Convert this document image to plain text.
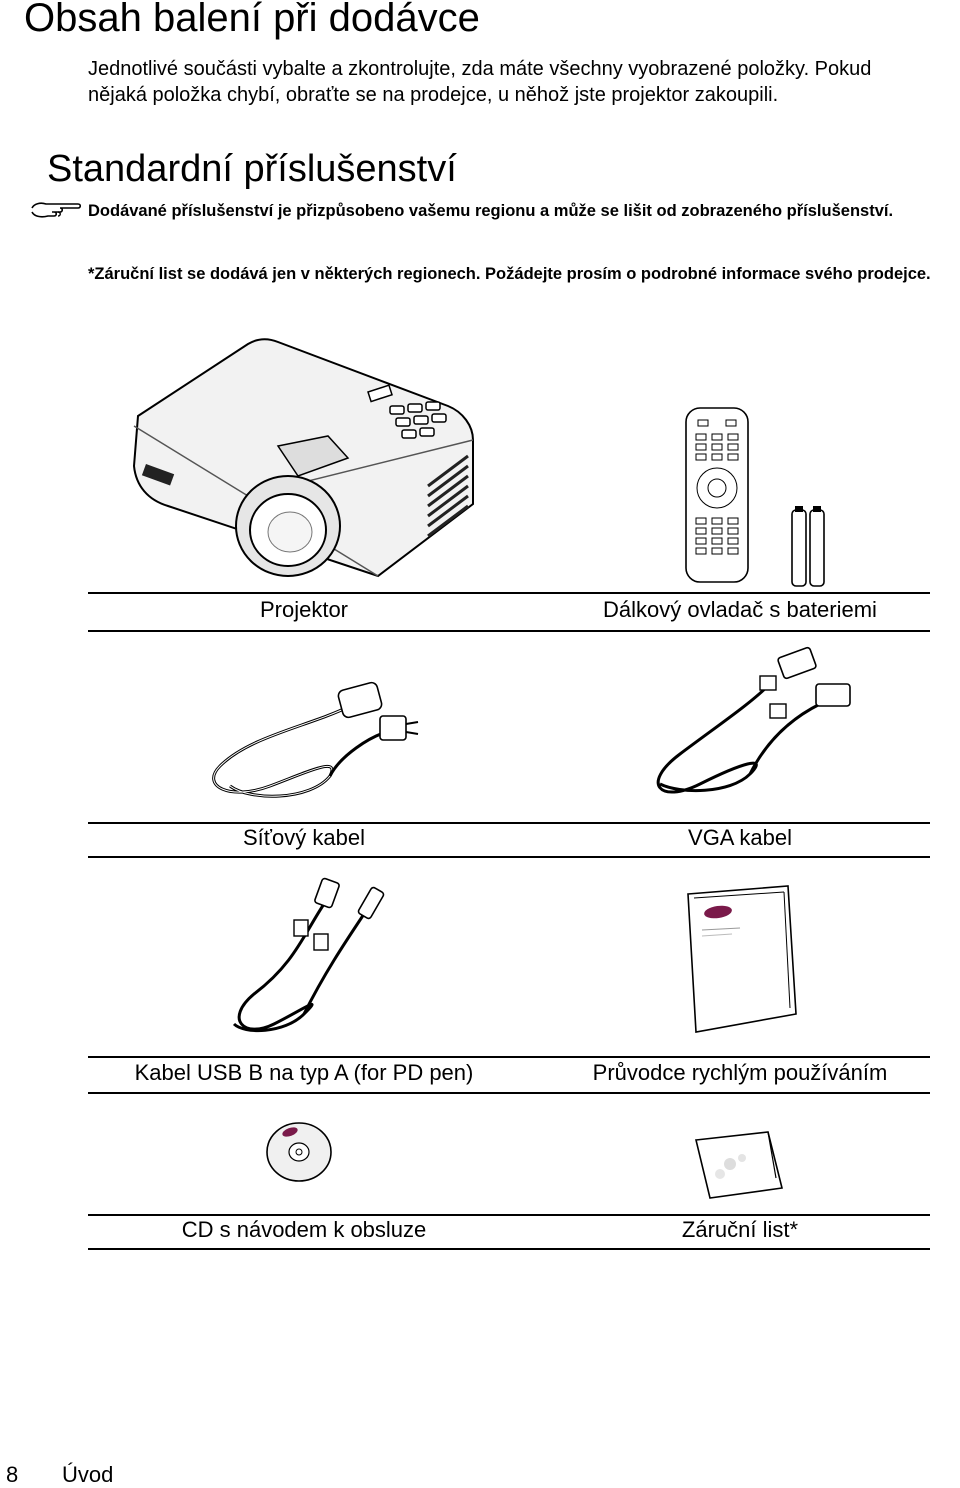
Obsah balení při dodávce

Jednotlivé součásti vybalte a zkontrolujte, zda máte všechny vyobrazené položky. Pokud nějaká položka chybí, obraťte se na prodejce, u něhož jste projektor zakoupili.

Standardní příslušenství

Dodávané příslušenství je přizpůsobeno vašemu regionu a může se lišit od zobrazeného příslušenství.

*Záruční list se dodává jen v některých regionech. Požádejte prosím o podrobné informace svého prodejce.

Projektor	Dálkový ovladač s bateriemi
Síťový kabel	VGA kabel
Kabel USB B na typ A (for PD pen)	Průvodce rychlým používáním
CD s návodem k obsluze	Záruční list*
8 Úvod
